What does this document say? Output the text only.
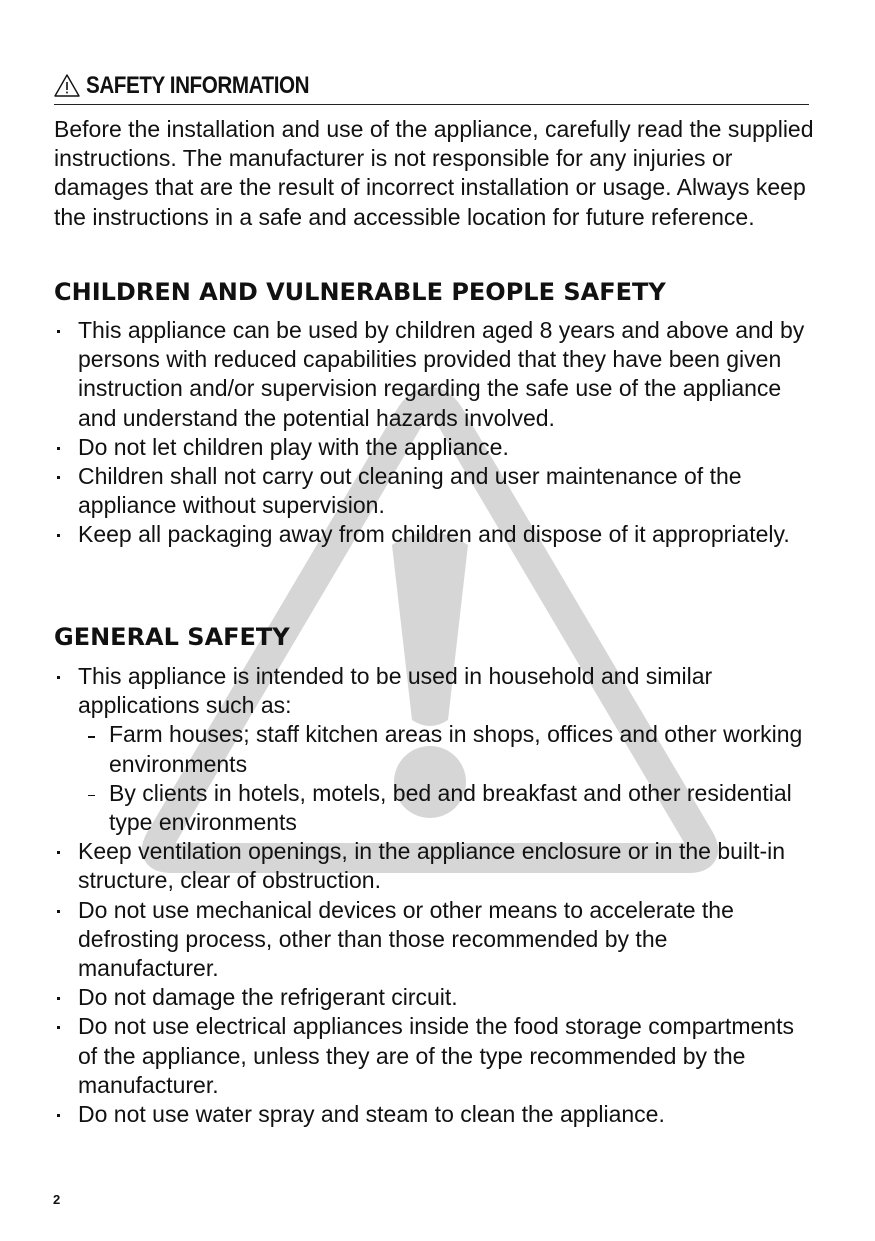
SAFETY INFORMATION

Before the installation and use of the appliance, carefully read the supplied instructions. The manufacturer is not responsible for any injuries or damages that are the result of incorrect installation or usage. Always keep the instructions in a safe and accessible location for future reference.

CHILDREN AND VULNERABLE PEOPLE SAFETY
This appliance can be used by children aged 8 years and above and by persons with reduced capabilities provided that they have been given instruction and/or supervision regarding the safe use of the appliance and understand the potential hazards involved.
Do not let children play with the appliance.
Children shall not carry out cleaning and user maintenance of the appliance without supervision.
Keep all packaging away from children and dispose of it appropriately.
GENERAL SAFETY
This appliance is intended to be used in household and similar applications such as:
Farm houses; staff kitchen areas in shops, offices and other working environments
By clients in hotels, motels, bed and breakfast and other residential type environments
Keep ventilation openings, in the appliance enclosure or in the built-in structure, clear of obstruction.
Do not use mechanical devices or other means to accelerate the defrosting process, other than those recommended by the manufacturer.
Do not damage the refrigerant circuit.
Do not use electrical appliances inside the food storage compartments of the appliance, unless they are of the type recommended by the manufacturer.
Do not use water spray and steam to clean the appliance.
2
